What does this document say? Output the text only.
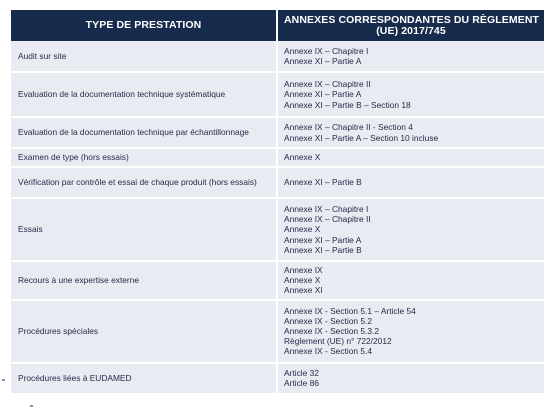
TYPE DE PRESTATION	ANNEXES CORRESPONDANTES DU RÈGLEMENT
(UE) 2017/745

Audit sur site	Annexe IX – Chapitre I
Annexe XI – Partie A

Evaluation de la documentation technique systématique	Annexe IX – Chapitre II
Annexe XI – Partie A
Annexe XI – Partie B – Section 18

Evaluation de la documentation technique par échantillonnage	Annexe IX – Chapitre II - Section 4
Annexe XI – Partie A – Section 10 incluse

Examen de type (hors essais)	Annexe X

Vérification par contrôle et essai de chaque produit (hors essais)	Annexe XI – Partie B

Essais	Annexe IX – Chapitre I
Annexe IX – Chapitre II
Annexe X
Annexe XI – Partie A
Annexe XI – Partie B

Recours à une expertise externe	Annexe IX
Annexe X
Annexe XI

Procédures spéciales	Annexe IX - Section 5.1 – Article 54
Annexe IX - Section 5.2
Annexe IX - Section 5.3.2
Règlement (UE) n° 722/2012
Annexe IX - Section 5.4

Procédures liées à EUDAMED	Article 32
Article 86
